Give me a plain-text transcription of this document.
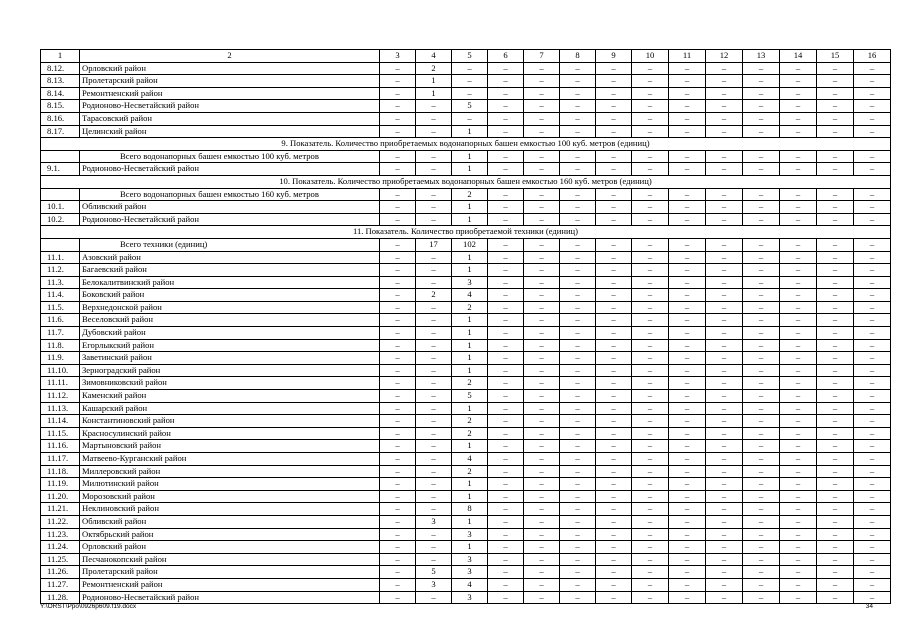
1	2	3	4	5	6	7	8	9	10	11	12	13	14	15	16
8.12.	Орловский район	–	2	–	–	–	–	–	–	–	–	–	–	–	–
8.13.	Пролетарский район	–	1	–	–	–	–	–	–	–	–	–	–	–	–
8.14.	Ремонтненский район	–	1	–	–	–	–	–	–	–	–	–	–	–	–
8.15.	Родионово-Несветайский район	–	–	5	–	–	–	–	–	–	–	–	–	–	–
8.16.	Тарасовский район	–	–	–	–	–	–	–	–	–	–	–	–	–	–
8.17.	Целинский район	–	–	1	–	–	–	–	–	–	–	–	–	–	–
9. Показатель. Количество приобретаемых водонапорных башен емкостью 100 куб. метров (единиц)															
	Всего водонапорных башен емкостью 100 куб. метров	–	–	1	–	–	–	–	–	–	–	–	–	–	–
9.1.	Родионово-Несветайский район	–	–	1	–	–	–	–	–	–	–	–	–	–	–
10. Показатель. Количество приобретаемых водонапорных башен емкостью 160 куб. метров (единиц)															
	Всего водонапорных башен емкостью 160 куб. метров	–	–	2	–	–	–	–	–	–	–	–	–	–	–
10.1.	Обливский район	–	–	1	–	–	–	–	–	–	–	–	–	–	–
10.2.	Родионово-Несветайский район	–	–	1	–	–	–	–	–	–	–	–	–	–	–
11. Показатель. Количество приобретаемой техники (единиц)															
	Всего техники (единиц)	–	17	102	–	–	–	–	–	–	–	–	–	–	–
11.1.	Азовский район	–	–	1	–	–	–	–	–	–	–	–	–	–	–
11.2.	Багаевский район	–	–	1	–	–	–	–	–	–	–	–	–	–	–
11.3.	Белокалитвинский район	–	–	3	–	–	–	–	–	–	–	–	–	–	–
11.4.	Боковский район	–	2	4	–	–	–	–	–	–	–	–	–	–	–
11.5.	Верхнедонской район	–	–	2	–	–	–	–	–	–	–	–	–	–	–
11.6.	Веселовский район	–	–	1	–	–	–	–	–	–	–	–	–	–	–
11.7.	Дубовский район	–	–	1	–	–	–	–	–	–	–	–	–	–	–
11.8.	Егорлыкский район	–	–	1	–	–	–	–	–	–	–	–	–	–	–
11.9.	Заветинский район	–	–	1	–	–	–	–	–	–	–	–	–	–	–
11.10.	Зерноградский район	–	–	1	–	–	–	–	–	–	–	–	–	–	–
11.11.	Зимовниковский район	–	–	2	–	–	–	–	–	–	–	–	–	–	–
11.12.	Каменский район	–	–	5	–	–	–	–	–	–	–	–	–	–	–
11.13.	Кашарский район	–	–	1	–	–	–	–	–	–	–	–	–	–	–
11.14.	Константиновский район	–	–	2	–	–	–	–	–	–	–	–	–	–	–
11.15.	Красносулинский район	–	–	2	–	–	–	–	–	–	–	–	–	–	–
11.16.	Мартыновский район	–	–	1	–	–	–	–	–	–	–	–	–	–	–
11.17.	Матвеево-Курганский район	–	–	4	–	–	–	–	–	–	–	–	–	–	–
11.18.	Миллеровский район	–	–	2	–	–	–	–	–	–	–	–	–	–	–
11.19.	Милютинский район	–	–	1	–	–	–	–	–	–	–	–	–	–	–
11.20.	Морозовский район	–	–	1	–	–	–	–	–	–	–	–	–	–	–
11.21.	Неклиновский район	–	–	8	–	–	–	–	–	–	–	–	–	–	–
11.22.	Обливский район	–	3	1	–	–	–	–	–	–	–	–	–	–	–
11.23.	Октябрьский район	–	–	3	–	–	–	–	–	–	–	–	–	–	–
11.24.	Орловский район	–	–	1	–	–	–	–	–	–	–	–	–	–	–
11.25.	Песчанокопский район	–	–	3	–	–	–	–	–	–	–	–	–	–	–
11.26.	Пролетарский район	–	5	3	–	–	–	–	–	–	–	–	–	–	–
11.27.	Ремонтненский район	–	3	4	–	–	–	–	–	–	–	–	–	–	–
11.28.	Родионово-Несветайский район	–	–	3	–	–	–	–	–	–	–	–	–	–	–
Y:\ORST\Ppo\0926p609.f19.docx	34
